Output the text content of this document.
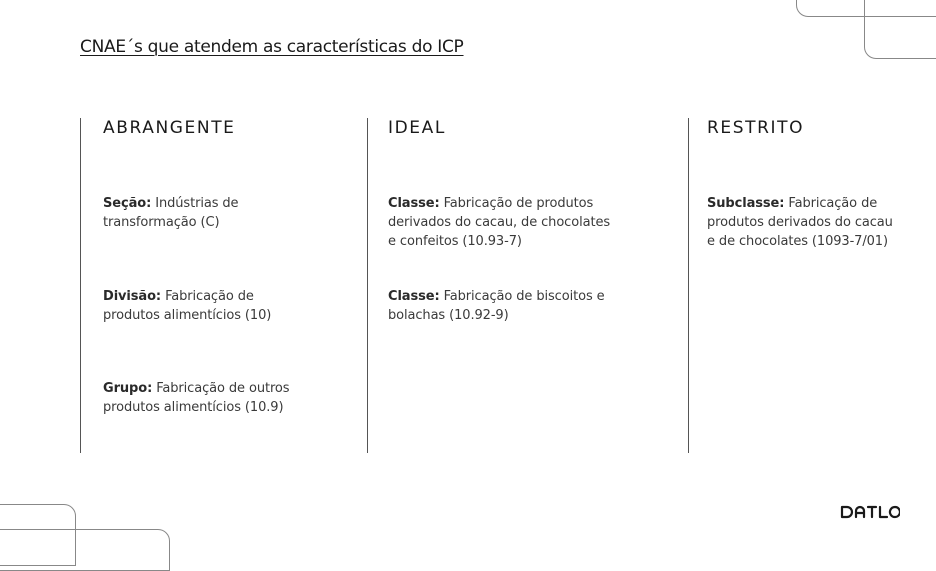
CNAE´s que atendem as características do ICP
ABRANGENTE
Seção: Indústrias de transformação (C)
Divisão: Fabricação de produtos alimentícios (10)
Grupo: Fabricação de outros produtos alimentícios (10.9)
IDEAL
Classe: Fabricação de produtos derivados do cacau, de chocolates e confeitos (10.93-7)
Classe: Fabricação de biscoitos e bolachas (10.92-9)
RESTRITO
Subclasse: Fabricação de produtos derivados do cacau e de chocolates (1093-7/01)
DATLO
